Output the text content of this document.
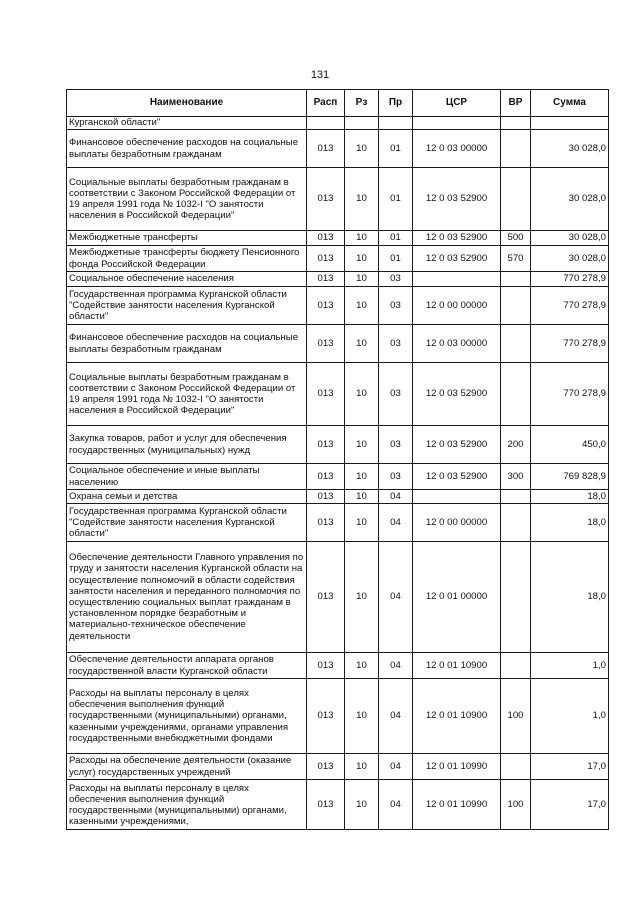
131
Наименование	Расп	Рз	Пр	ЦСР	ВР	Сумма
Курганской области"						
Финансовое обеспечение расходов на социальные выплаты безработным гражданам	013	10	01	12 0 03 00000		30 028,0
Социальные выплаты безработным гражданам в соответствии с Законом Российской Федерации от 19 апреля 1991 года № 1032-I "О занятости населения в Российской Федерации"	013	10	01	12 0 03 52900		30 028,0
Межбюджетные трансферты	013	10	01	12 0 03 52900	500	30 028,0
Межбюджетные трансферты бюджету Пенсионного фонда Российской Федерации	013	10	01	12 0 03 52900	570	30 028,0
Социальное обеспечение населения	013	10	03			770 278,9
Государственная программа Курганской области "Содействие занятости населения Курганской области"	013	10	03	12 0 00 00000		770 278,9
Финансовое обеспечение расходов на социальные выплаты безработным гражданам	013	10	03	12 0 03 00000		770 278,9
Социальные выплаты безработным гражданам в соответствии с Законом Российской Федерации от 19 апреля 1991 года № 1032-I "О занятости населения в Российской Федерации"	013	10	03	12 0 03 52900		770 278,9
Закупка товаров, работ и услуг для обеспечения государственных (муниципальных) нужд	013	10	03	12 0 03 52900	200	450,0
Социальное обеспечение и иные выплаты населению	013	10	03	12 0 03 52900	300	769 828,9
Охрана семьи и детства	013	10	04			18,0
Государственная программа Курганской области "Содействие занятости населения Курганской области"	013	10	04	12 0 00 00000		18,0
Обеспечение деятельности Главного управления по труду и занятости населения Курганской области на осуществление полномочий в области содействия занятости населения и переданного полномочия по осуществлению социальных выплат гражданам в установленном порядке безработным и материально-техническое обеспечение деятельности	013	10	04	12 0 01 00000		18,0
Обеспечение деятельности аппарата органов государственной власти Курганской области	013	10	04	12 0 01 10900		1,0
Расходы на выплаты персоналу в целях обеспечения выполнения функций государственными (муниципальными) органами, казенными учреждениями, органами управления государственными внебюджетными фондами	013	10	04	12 0 01 10900	100	1,0
Расходы на обеспечение деятельности (оказание услуг) государственных учреждений	013	10	04	12 0 01 10990		17,0

Расходы на выплаты персоналу в целях обеспечения выполнения функций государственными (муниципальными) органами, казенными учреждениями,	013	10	04	12 0 01 10990	100	17,0
